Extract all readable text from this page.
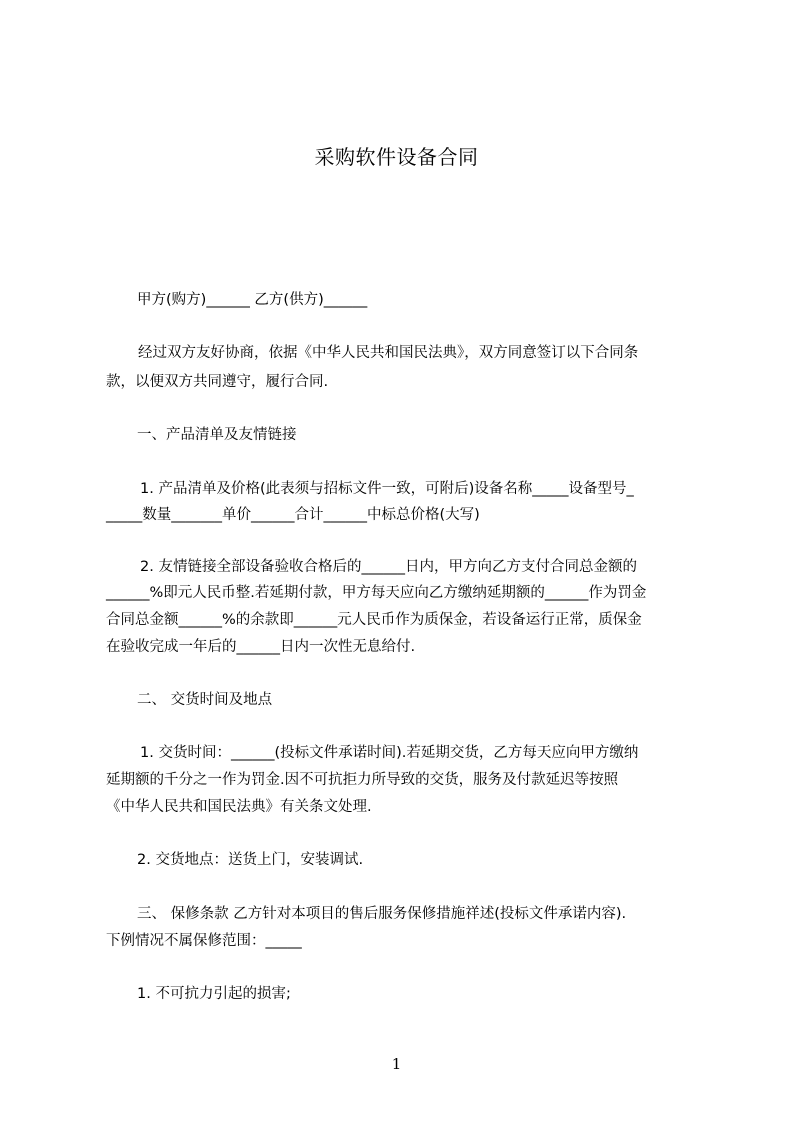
采购软件设备合同
甲方(购方)______ 乙方(供方)______
经过双方友好协商，依据《中华人民共和国民法典》，双方同意签订以下合同条
款，以便双方共同遵守，履行合同.
一、产品清单及友情链接
1. 产品清单及价格(此表须与招标文件一致，可附后)设备名称_____设备型号_
_____数量_______单价______合计______中标总价格(大写)
2. 友情链接全部设备验收合格后的______日内，甲方向乙方支付合同总金额的
______%即元人民币整.若延期付款，甲方每天应向乙方缴纳延期额的______作为罚金
合同总金额______%的余款即______元人民币作为质保金，若设备运行正常，质保金
在验收完成一年后的______日内一次性无息给付.
二、 交货时间及地点
1. 交货时间：______(投标文件承诺时间).若延期交货，乙方每天应向甲方缴纳
延期额的千分之一作为罚金.因不可抗拒力所导致的交货，服务及付款延迟等按照
《中华人民共和国民法典》有关条文处理.
2. 交货地点：送货上门，安装调试.
三、 保修条款 乙方针对本项目的售后服务保修措施祥述(投标文件承诺内容).
下例情况不属保修范围：_____
1. 不可抗力引起的损害;
1
